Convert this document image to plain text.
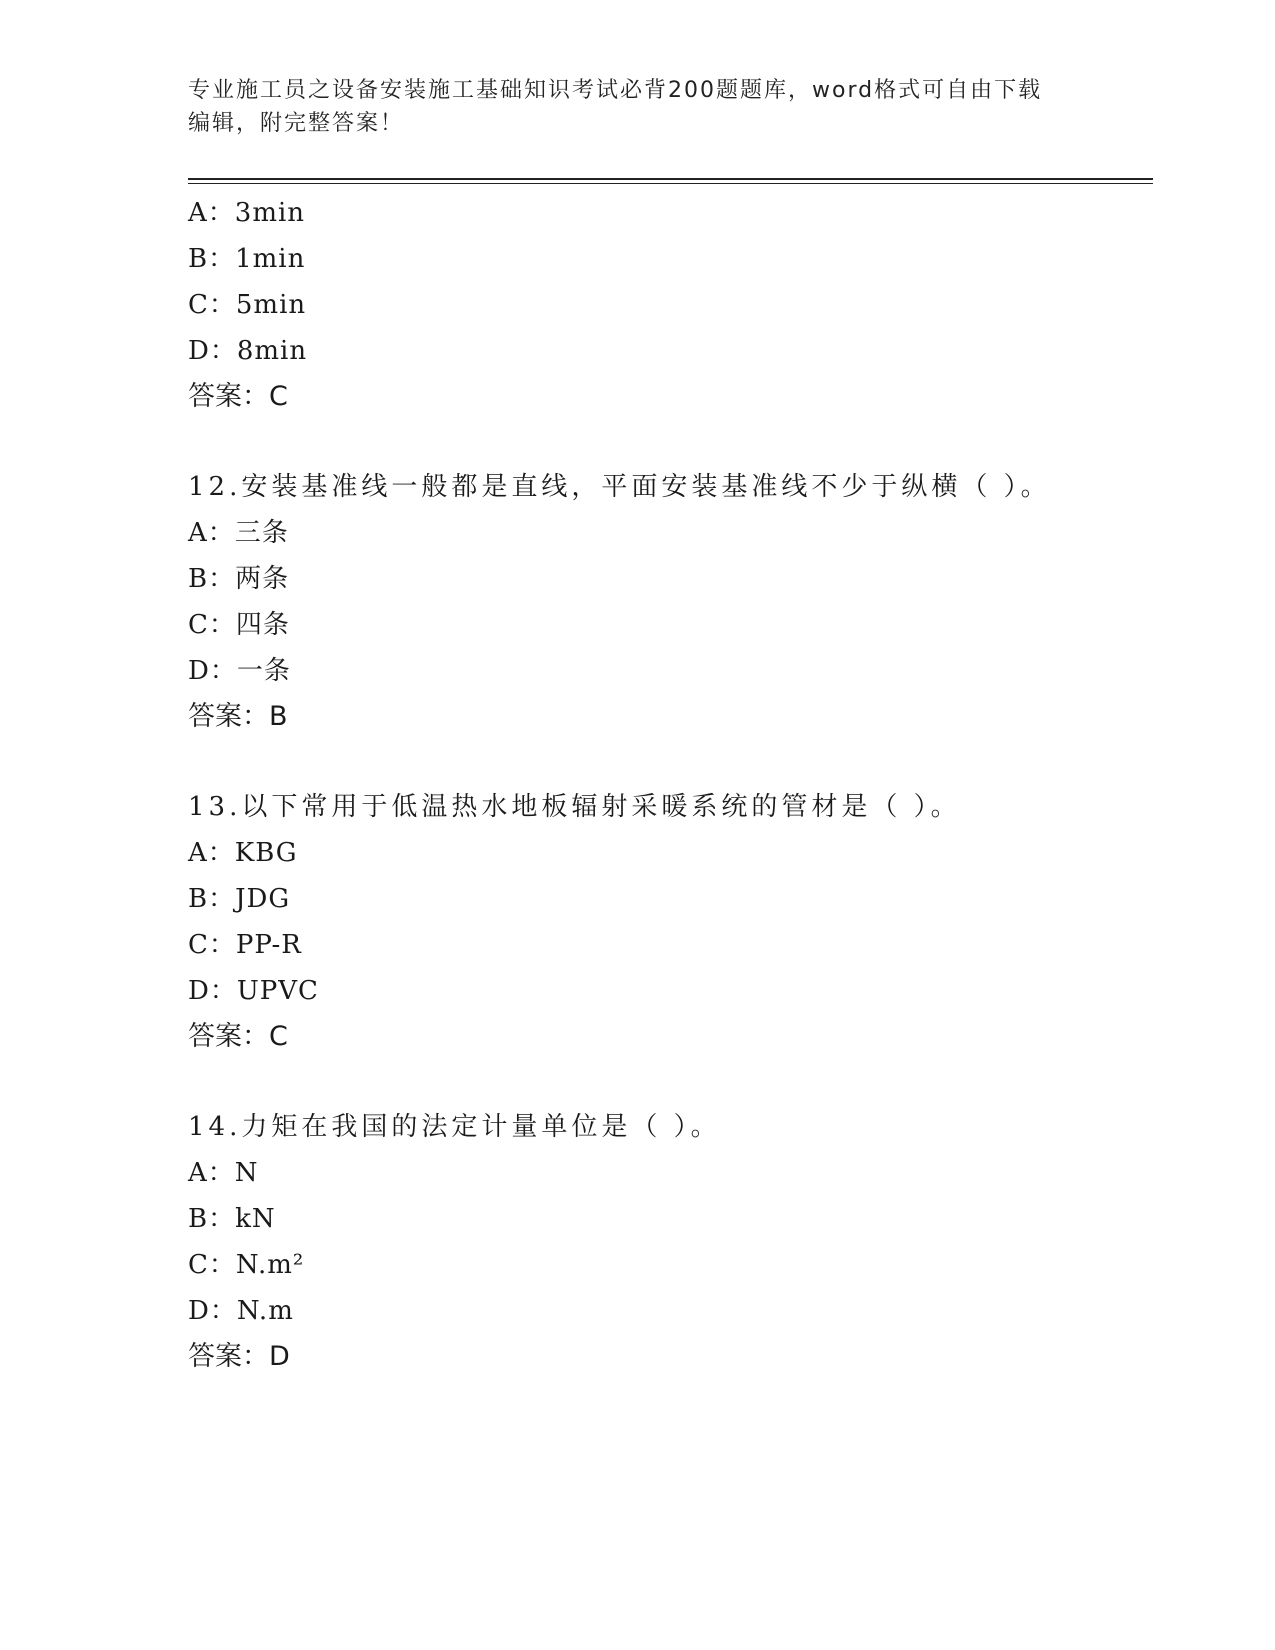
专业施工员之设备安装施工基础知识考试必背200题题库，word格式可自由下载
编辑，附完整答案！
A：3min
B：1min
C：5min
D：8min
答案：C
12.安装基准线一般都是直线，平面安装基准线不少于纵横（ ）。
A：三条
B：两条
C：四条
D：一条
答案：B
13.以下常用于低温热水地板辐射采暖系统的管材是（ ）。
A：KBG
B：JDG
C：PP-R
D：UPVC
答案：C
14.力矩在我国的法定计量单位是（ ）。
A：N
B：kN
C：N.m²
D：N.m
答案：D
